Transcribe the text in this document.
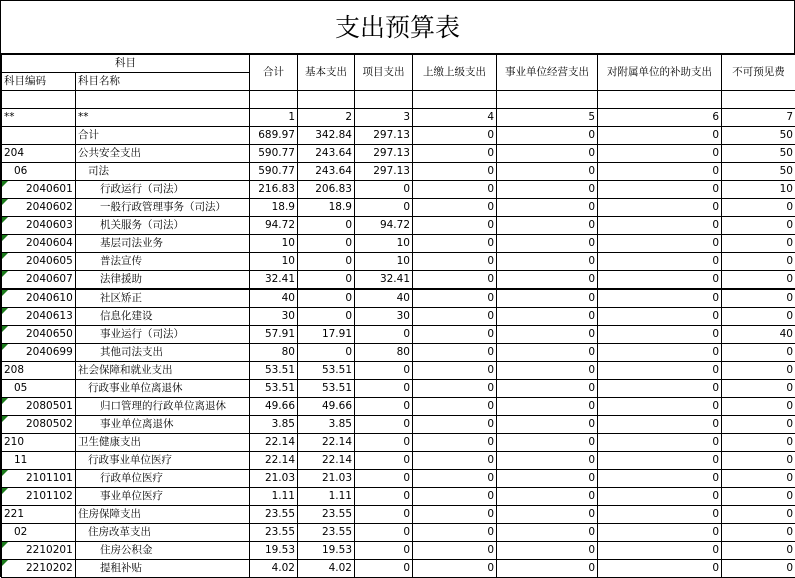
支出预算表
科目		合计	基本支出	项目支出	上缴上级支出	事业单位经营支出	对附属单位的补助支出	不可预见费
科目编码	科目名称							

**	**	1	2	3	4	5	6	7
	合计	689.97	342.84	297.13	0	0	0	50
204	公共安全支出	590.77	243.64	297.13	0	0	0	50
06	司法	590.77	243.64	297.13	0	0	0	50
2040601	行政运行（司法）	216.83	206.83	0	0	0	0	10
2040602	一般行政管理事务（司法）	18.9	18.9	0	0	0	0	0
2040603	机关服务（司法）	94.72	0	94.72	0	0	0	0
2040604	基层司法业务	10	0	10	0	0	0	0
2040605	普法宣传	10	0	10	0	0	0	0
2040607	法律援助	32.41	0	32.41	0	0	0	0
2040610	社区矫正	40	0	40	0	0	0	0
2040613	信息化建设	30	0	30	0	0	0	0
2040650	事业运行（司法）	57.91	17.91	0	0	0	0	40
2040699	其他司法支出	80	0	80	0	0	0	0
208	社会保障和就业支出	53.51	53.51	0	0	0	0	0
05	行政事业单位离退休	53.51	53.51	0	0	0	0	0
2080501	归口管理的行政单位离退休	49.66	49.66	0	0	0	0	0
2080502	事业单位离退休	3.85	3.85	0	0	0	0	0
210	卫生健康支出	22.14	22.14	0	0	0	0	0
11	行政事业单位医疗	22.14	22.14	0	0	0	0	0
2101101	行政单位医疗	21.03	21.03	0	0	0	0	0
2101102	事业单位医疗	1.11	1.11	0	0	0	0	0
221	住房保障支出	23.55	23.55	0	0	0	0	0
02	住房改革支出	23.55	23.55	0	0	0	0	0
2210201	住房公积金	19.53	19.53	0	0	0	0	0
2210202	提租补贴	4.02	4.02	0	0	0	0	0
